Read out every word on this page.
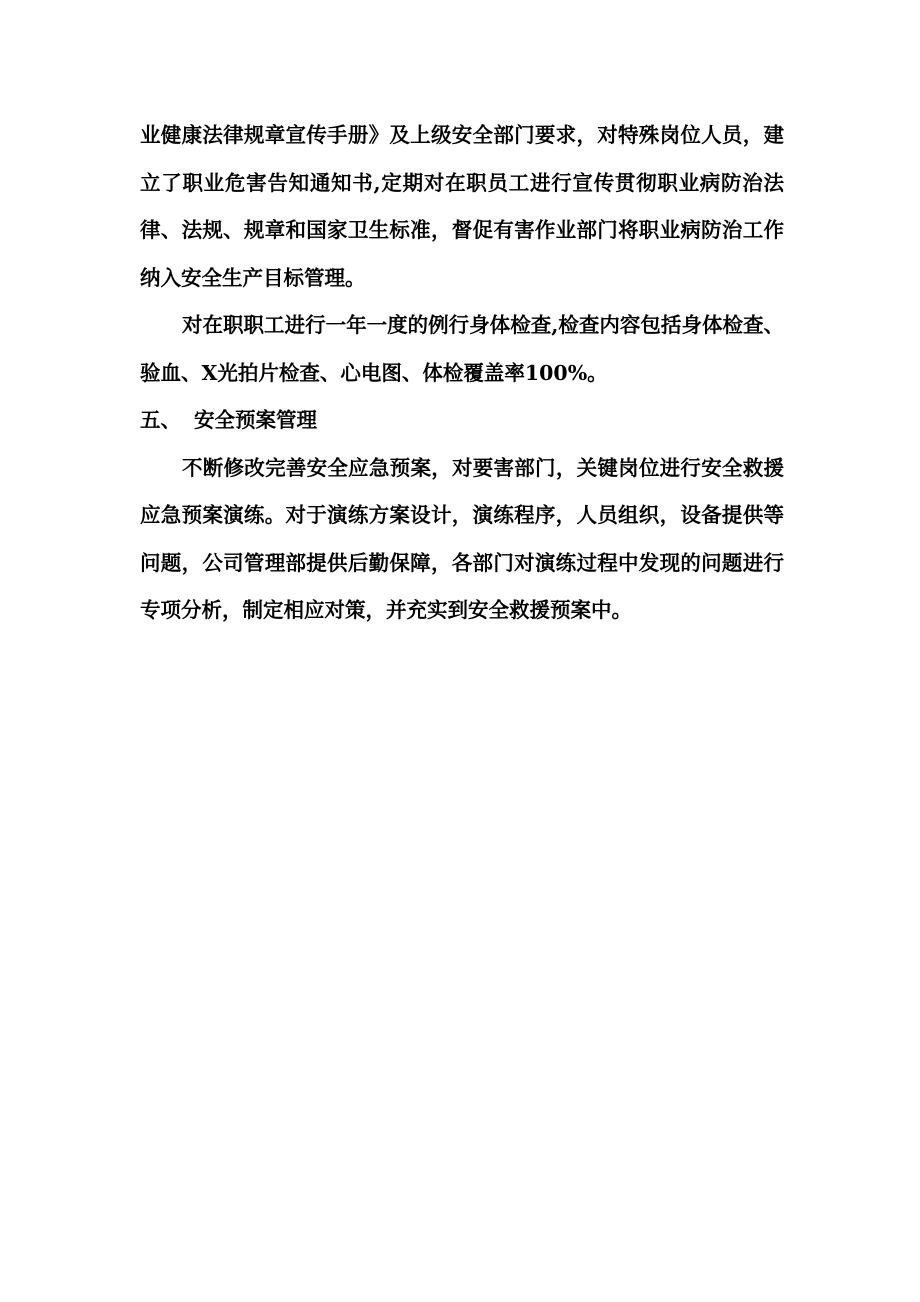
业健康法律规章宣传手册》及上级安全部门要求，对特殊岗位人员，建立了职业危害告知通知书,定期对在职员工进行宣传贯彻职业病防治法律、法规、规章和国家卫生标准，督促有害作业部门将职业病防治工作纳入安全生产目标管理。

对在职职工进行一年一度的例行身体检查,检查内容包括身体检查、验血、X光拍片检查、心电图、体检覆盖率100%。

五、 安全预案管理

不断修改完善安全应急预案，对要害部门，关键岗位进行安全救援应急预案演练。对于演练方案设计，演练程序，人员组织，设备提供等问题，公司管理部提供后勤保障，各部门对演练过程中发现的问题进行专项分析，制定相应对策，并充实到安全救援预案中。
